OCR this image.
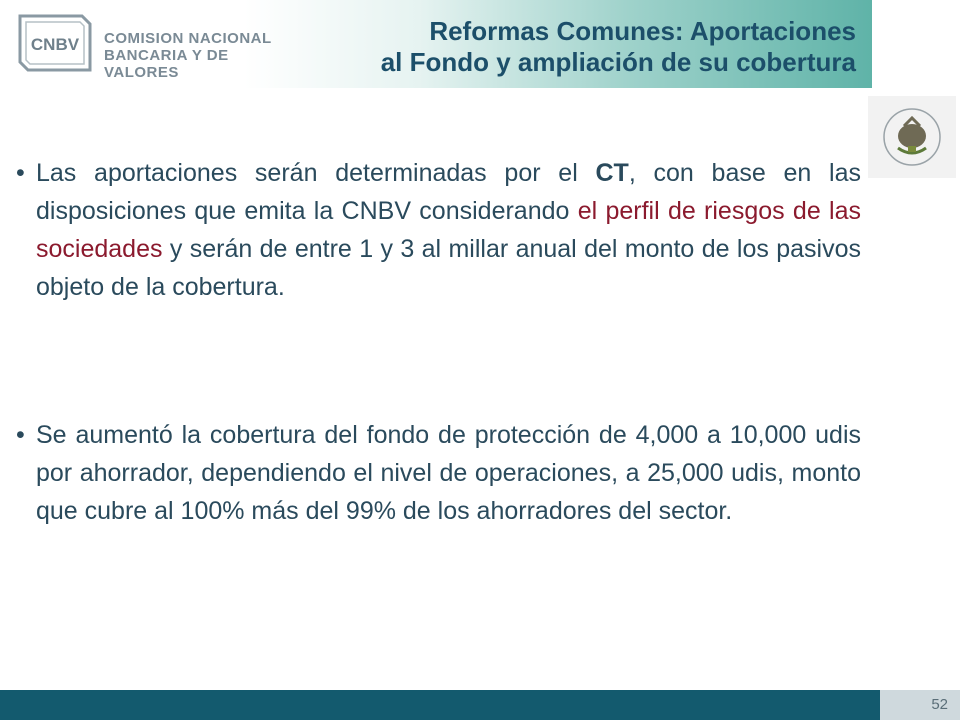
CNBV COMISION NACIONAL
BANCARIA Y DE VALORES
Reformas Comunes: Aportaciones
al Fondo y ampliación de su cobertura
• Las aportaciones serán determinadas por el CT, con base en las disposiciones que emita la CNBV considerando el perfil de riesgos de las sociedades y serán de entre 1 y 3 al millar anual del monto de los pasivos objeto de la cobertura.
• Se aumentó la cobertura del fondo de protección de 4,000 a 10,000 udis por ahorrador, dependiendo el nivel de operaciones, a 25,000 udis, monto que cubre al 100% más del 99% de los ahorradores del sector.
52
